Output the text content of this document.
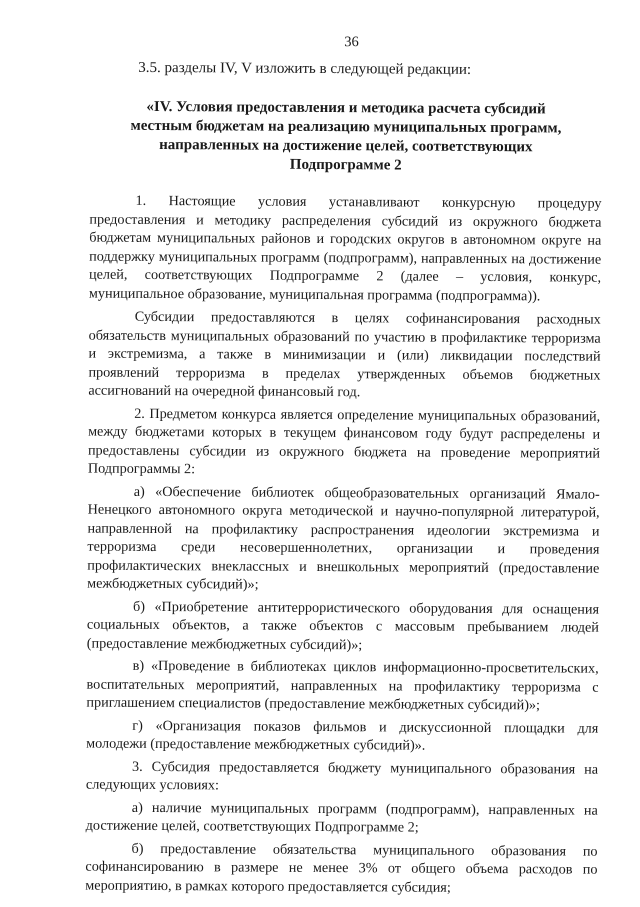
36

3.5. разделы IV, V изложить в следующей редакции:

«IV. Условия предоставления и методика расчета субсидий
местным бюджетам на реализацию муниципальных программ,
направленных на достижение целей, соответствующих
Подпрограмме 2

1. Настоящие условия устанавливают конкурсную процедуру предоставления и методику распределения субсидий из окружного бюджета бюджетам муниципальных районов и городских округов в автономном округе на поддержку муниципальных программ (подпрограмм), направленных на достижение целей, соответствующих Подпрограмме 2 (далее – условия, конкурс, муниципальное образование, муниципальная программа (подпрограмма)).

Субсидии предоставляются в целях софинансирования расходных обязательств муниципальных образований по участию в профилактике терроризма и экстремизма, а также в минимизации и (или) ликвидации последствий проявлений терроризма в пределах утвержденных объемов бюджетных ассигнований на очередной финансовый год.

2. Предметом конкурса является определение муниципальных образований, между бюджетами которых в текущем финансовом году будут распределены и предоставлены субсидии из окружного бюджета на проведение мероприятий Подпрограммы 2:

а) «Обеспечение библиотек общеобразовательных организаций Ямало-Ненецкого автономного округа методической и научно-популярной литературой, направленной на профилактику распространения идеологии экстремизма и терроризма среди несовершеннолетних, организации и проведения профилактических внеклассных и внешкольных мероприятий (предоставление межбюджетных субсидий)»;

б) «Приобретение антитеррористического оборудования для оснащения социальных объектов, а также объектов с массовым пребыванием людей (предоставление межбюджетных субсидий)»;

в) «Проведение в библиотеках циклов информационно-просветительских, воспитательных мероприятий, направленных на профилактику терроризма с приглашением специалистов (предоставление межбюджетных субсидий)»;

г) «Организация показов фильмов и дискуссионной площадки для молодежи (предоставление межбюджетных субсидий)».

3. Субсидия предоставляется бюджету муниципального образования на следующих условиях:

а) наличие муниципальных программ (подпрограмм), направленных на достижение целей, соответствующих Подпрограмме 2;

б) предоставление обязательства муниципального образования по софинансированию в размере не менее 3% от общего объема расходов по мероприятию, в рамках которого предоставляется субсидия;
